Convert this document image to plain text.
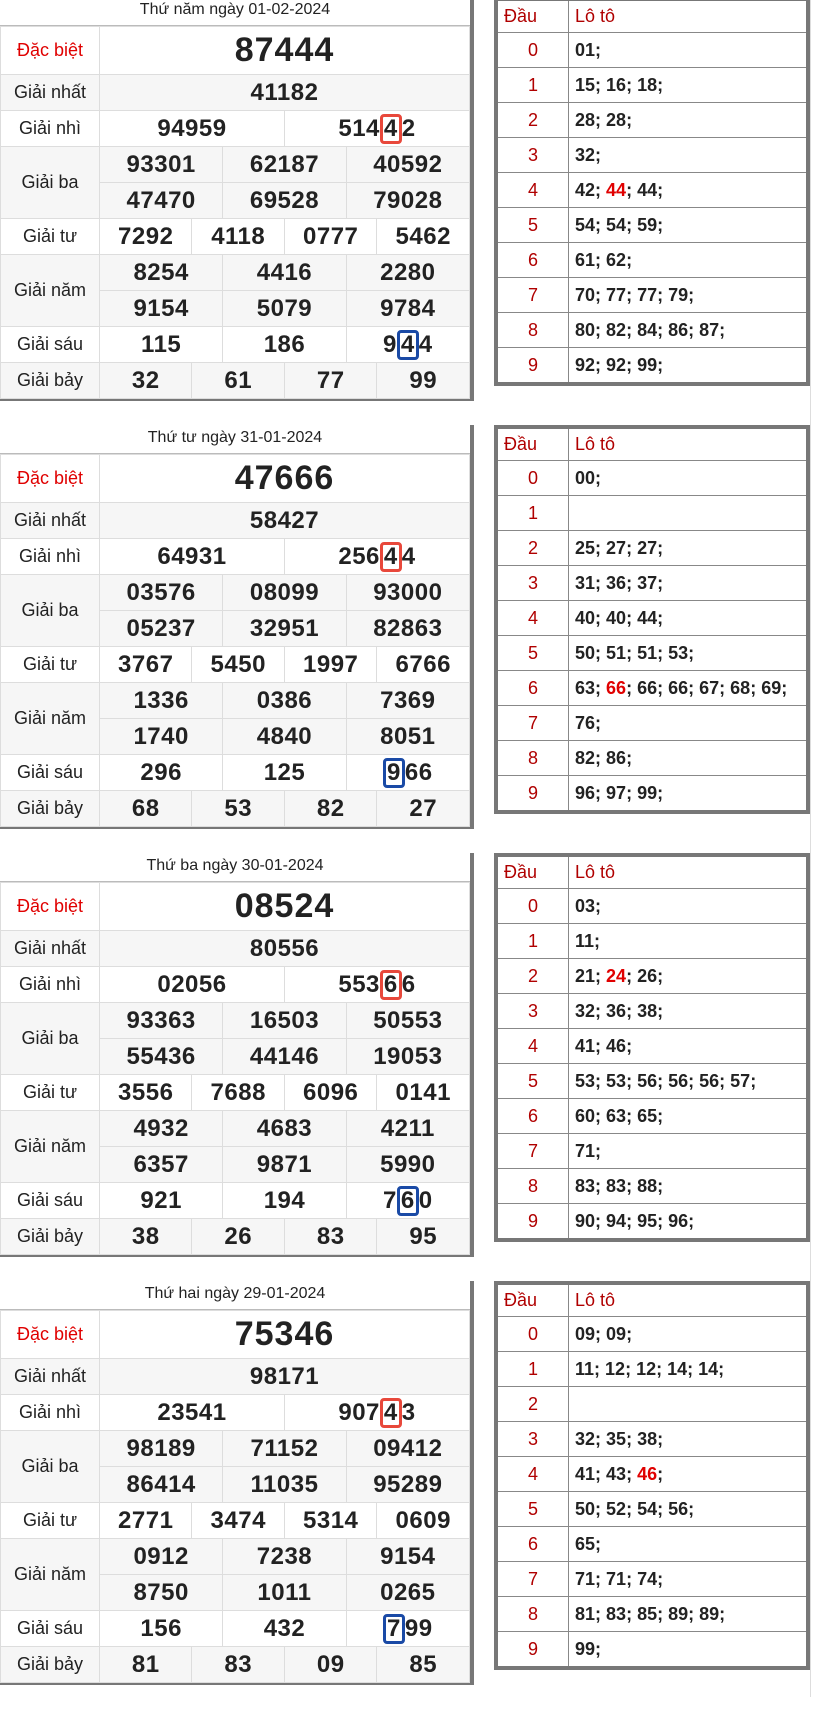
Thứ năm ngày 01-02-2024
Đặc biệt	87444					
Giải nhất	41182					
Giải nhì	94959			514 4 2		
Giải ba	93301		62187		40592	
	47470		69528		79028	
Giải tư	7292	4118		0777		5462
Giải năm	8254		4416		2280	
	9154		5079		9784	
Giải sáu	115		186		9 4 4	
Giải bảy	32	61		77		99
Đầu	Lô tô
0	01;
1	15; 16; 18;
2	28; 28;
3	32;
4	42; 44; 44;
5	54; 54; 59;
6	61; 62;
7	70; 77; 77; 79;
8	80; 82; 84; 86; 87;
9	92; 92; 99;
Thứ tư ngày 31-01-2024
Đặc biệt	47666					
Giải nhất	58427					
Giải nhì	64931			256 4 4		
Giải ba	03576		08099		93000	
	05237		32951		82863	
Giải tư	3767	5450		1997		6766
Giải năm	1336		0386		7369	
	1740		4840		8051	
Giải sáu	296		125		9 66	
Giải bảy	68	53		82		27
Đầu	Lô tô
0	00;
1	
2	25; 27; 27;
3	31; 36; 37;
4	40; 40; 44;
5	50; 51; 51; 53;
6	63; 66; 66; 66; 67; 68; 69;
7	76;
8	82; 86;
9	96; 97; 99;
Thứ ba ngày 30-01-2024
Đặc biệt	08524					
Giải nhất	80556					
Giải nhì	02056			553 6 6		
Giải ba	93363		16503		50553	
	55436		44146		19053	
Giải tư	3556	7688		6096		0141
Giải năm	4932		4683		4211	
	6357		9871		5990	
Giải sáu	921		194		7 6 0	
Giải bảy	38	26		83		95
Đầu	Lô tô
0	03;
1	11;
2	21; 24; 26;
3	32; 36; 38;
4	41; 46;
5	53; 53; 56; 56; 56; 57;
6	60; 63; 65;
7	71;
8	83; 83; 88;
9	90; 94; 95; 96;
Thứ hai ngày 29-01-2024
Đặc biệt	75346					
Giải nhất	98171					
Giải nhì	23541			907 4 3		
Giải ba	98189		71152		09412	
	86414		11035		95289	
Giải tư	2771	3474		5314		0609
Giải năm	0912		7238		9154	
	8750		1011		0265	
Giải sáu	156		432		7 99	
Giải bảy	81	83		09		85
Đầu	Lô tô
0	09; 09;
1	11; 12; 12; 14; 14;
2	
3	32; 35; 38;
4	41; 43; 46;
5	50; 52; 54; 56;
6	65;
7	71; 71; 74;
8	81; 83; 85; 89; 89;
9	99;
